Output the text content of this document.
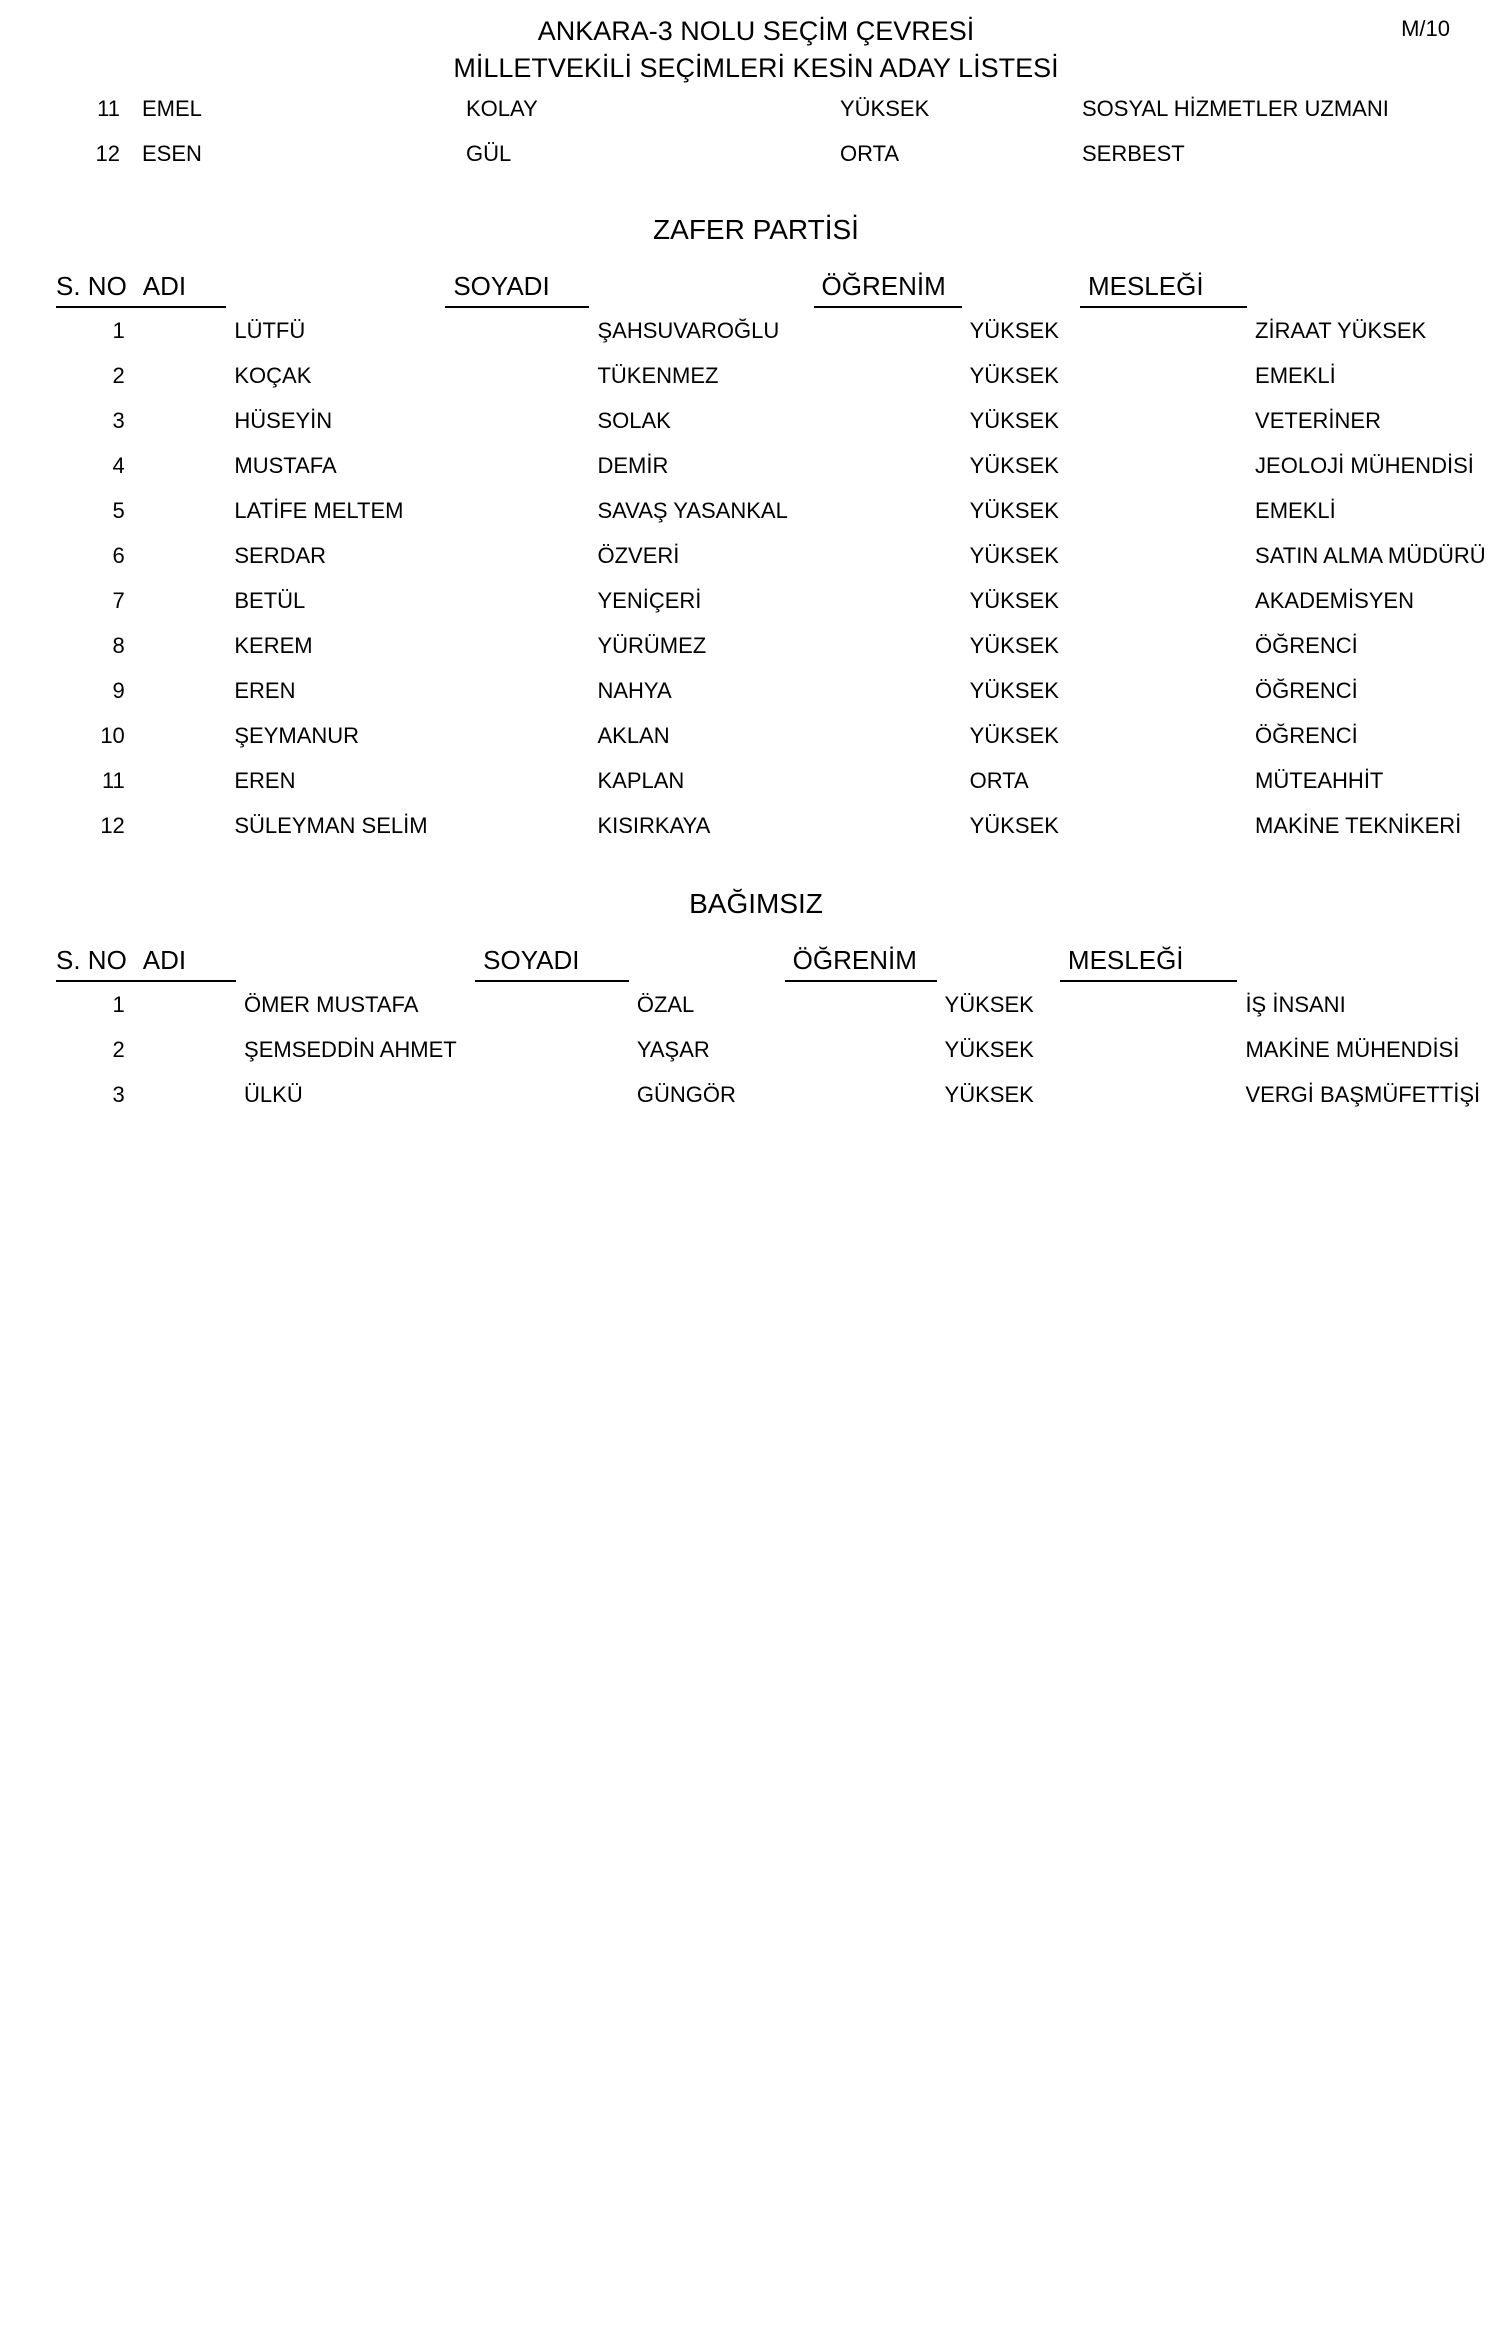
ANKARA-3 NOLU SEÇİM ÇEVRESİ
MİLLETVEKİLİ SEÇİMLERİ KESİN ADAY LİSTESİ
M/10
11		EMEL		KOLAY		YÜKSEK		SOSYAL HİZMETLER UZMANI
12		ESEN		GÜL		ORTA		SERBEST
ZAFER PARTİSİ
S. NO	ADI		SOYADI		ÖĞRENİM		MESLEĞİ	
1		LÜTFÜ		ŞAHSUVAROĞLU		YÜKSEK		ZİRAAT YÜKSEK
2		KOÇAK		TÜKENMEZ		YÜKSEK		EMEKLİ
3		HÜSEYİN		SOLAK		YÜKSEK		VETERİNER
4		MUSTAFA		DEMİR		YÜKSEK		JEOLOJİ MÜHENDİSİ
5		LATİFE MELTEM		SAVAŞ YASANKAL		YÜKSEK		EMEKLİ
6		SERDAR		ÖZVERİ		YÜKSEK		SATIN ALMA MÜDÜRÜ
7		BETÜL		YENİÇERİ		YÜKSEK		AKADEMİSYEN
8		KEREM		YÜRÜMEZ		YÜKSEK		ÖĞRENCİ
9		EREN		NAHYA		YÜKSEK		ÖĞRENCİ
10		ŞEYMANUR		AKLAN		YÜKSEK		ÖĞRENCİ
11		EREN		KAPLAN		ORTA		MÜTEAHHİT
12		SÜLEYMAN SELİM		KISIRKAYA		YÜKSEK		MAKİNE TEKNİKERİ
BAĞIMSIZ
S. NO	ADI		SOYADI		ÖĞRENİM		MESLEĞİ	
1		ÖMER MUSTAFA		ÖZAL		YÜKSEK		İŞ İNSANI
2		ŞEMSEDDİN AHMET		YAŞAR		YÜKSEK		MAKİNE MÜHENDİSİ
3		ÜLKÜ		GÜNGÖR		YÜKSEK		VERGİ BAŞMÜFETTİŞİ
